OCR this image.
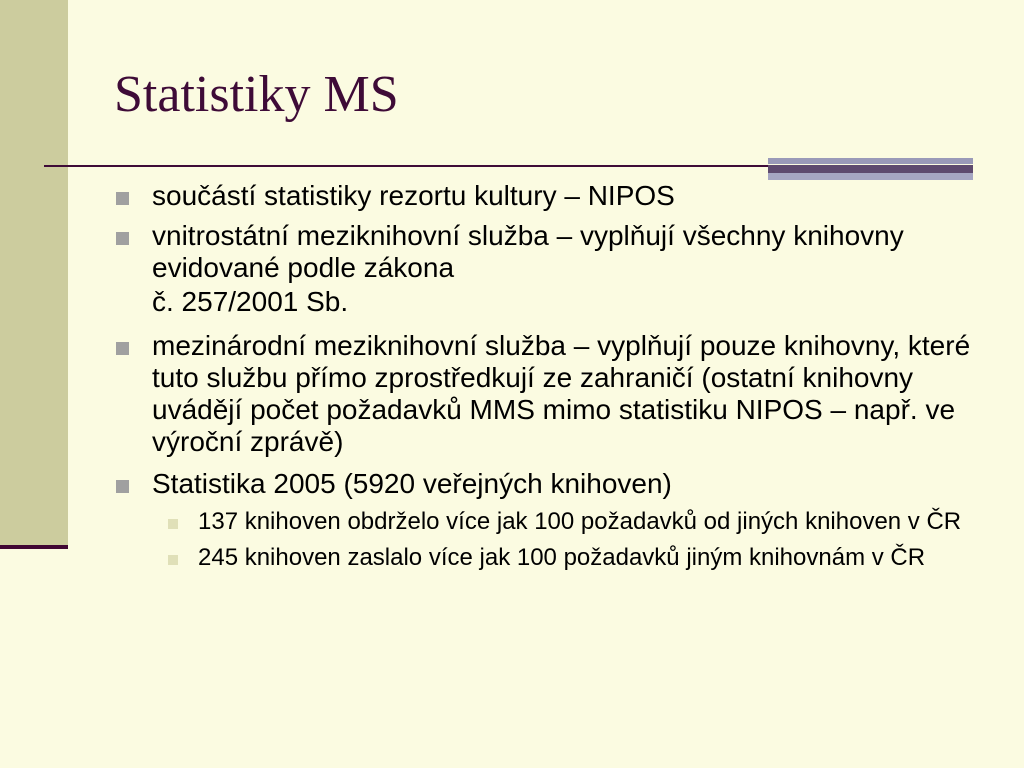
Statistiky MS
součástí statistiky rezortu kultury – NIPOS
vnitrostátní meziknihovní služba – vyplňují všechny knihovny evidované podle zákona
č. 257/2001 Sb.
mezinárodní meziknihovní služba – vyplňují pouze knihovny, které tuto službu přímo zprostředkují ze zahraničí (ostatní knihovny uvádějí počet požadavků MMS mimo statistiku NIPOS – např. ve výroční zprávě)
Statistika 2005 (5920 veřejných knihoven)
137 knihoven obdrželo více jak 100 požadavků od jiných knihoven v ČR
245 knihoven zaslalo více jak 100 požadavků jiným knihovnám v ČR
